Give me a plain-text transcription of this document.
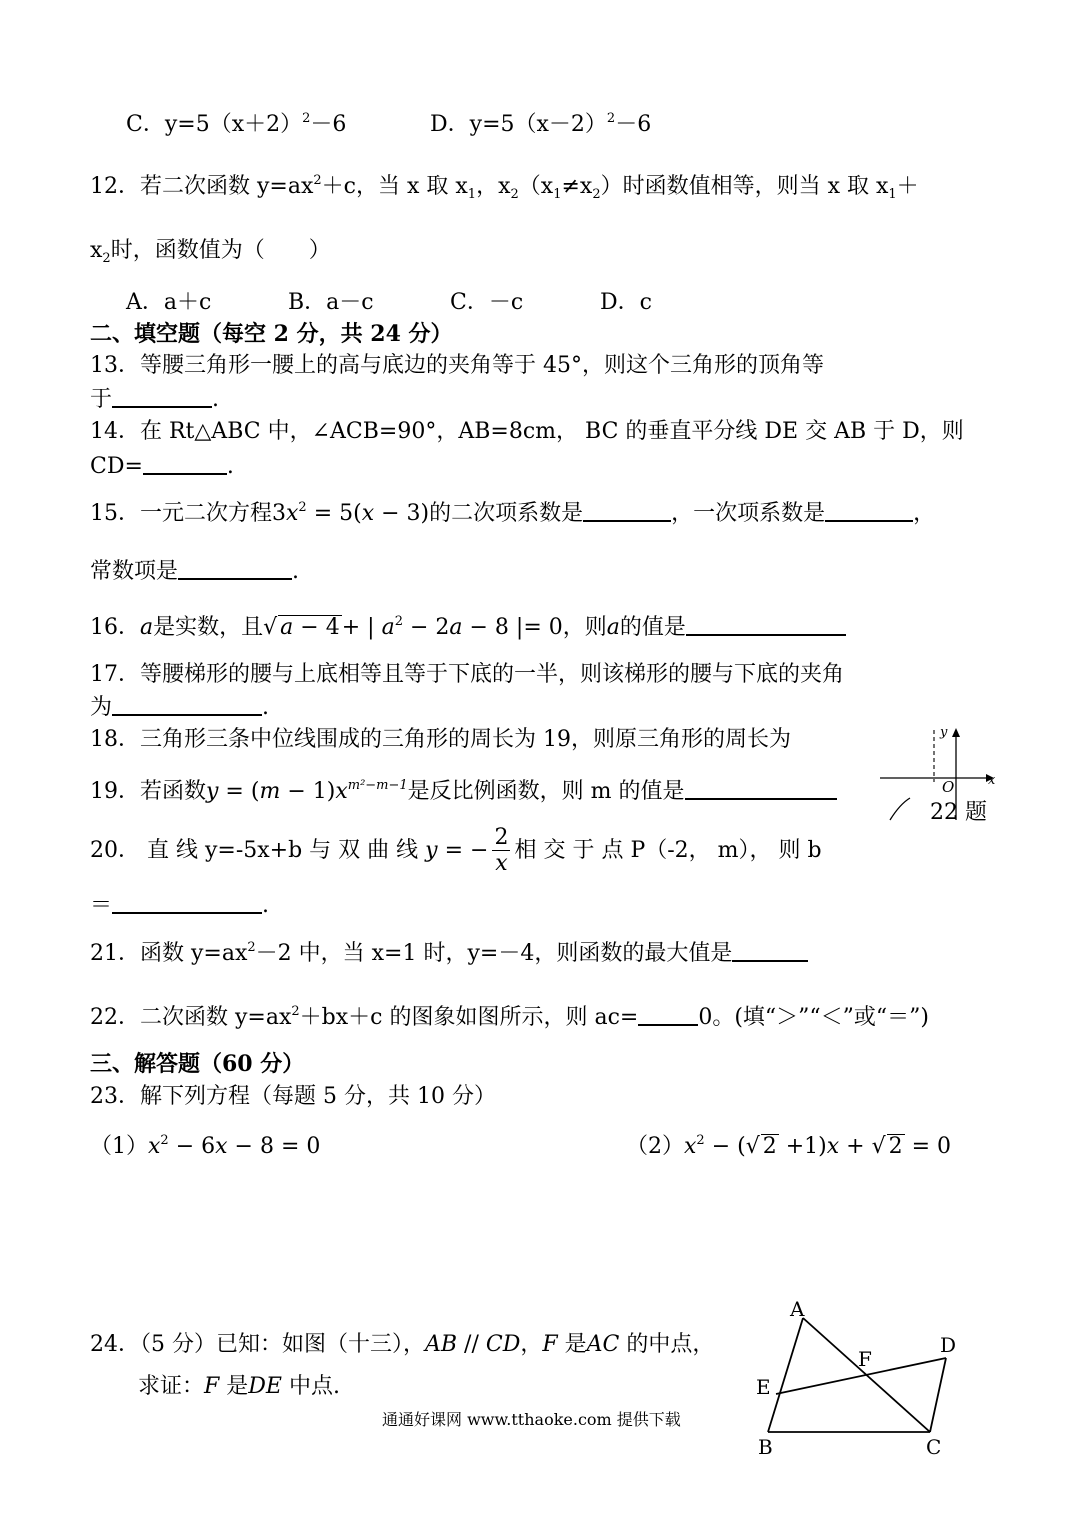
C．$y=5(x+2)^2-6$	D．$y=5(x-2)^2-6$
12．若二次函数 $y=ax^2+c$，当 x 取 $x_1$，$x_2(x_1\ne x_2)$时函数值相等，则当 x 取 $x_1+$
$x_2$时，函数值为（　　）
A．a＋c	B．a－c	C．－c	D．c
二、填空题（每空 2 分，共 24 分）
13．等腰三角形一腰上的高与底边的夹角等于 45°，则这个三角形的顶角等
于	.
14．在 Rt△ABC 中，∠ACB=90°，AB=8cm， BC 的垂直平分线 DE 交 AB 于 D，则
CD=	.
15．一元二次方程$3x^2 = 5(x - 3)$的二次项系数是	，一次项系数是	，
常数项是	.
16．a是实数，且√ a − 4+ | $a^2 - 2a - 8$ |= 0，则a的值是
17．等腰梯形的腰与上底相等且等于下底的一半，则该梯形的腰与下底的夹角
为	.
18．三角形三条中位线围成的三角形的周长为 19，则原三角形的周长为
19．若函数$y = (m - 1)x^{m^2-m-1}$是反比例函数，则 m 的值是
y
O	x
22 题
20． 直 线 y=-5x+b 与 双 曲 线 y = − $\frac{2}{x}$ 相 交 于 点 P（-2， m）， 则 b
＝	.
21．函数 $y=ax^2-2$ 中，当 x=1 时，y=－4，则函数的最大值是
22．二次函数 $y=ax^2+bx+c$ 的图象如图所示，则 ac=	0。(填“＞”“＜”或“＝”)
三、解答题（60 分）
23．解下列方程（每题 5 分，共 10 分）
$(1)x^2 - 6x - 8 = 0$	$(2)x^2$ − (√ 2 +1)x + √ 2 = 0
24．（5 分）已知：如图（十三），AB // CD，F 是AC 的中点，
求证：F 是DE 中点.
A
D
F
E
B	C
通通好课网 www.tthaoke.com 提供下载
